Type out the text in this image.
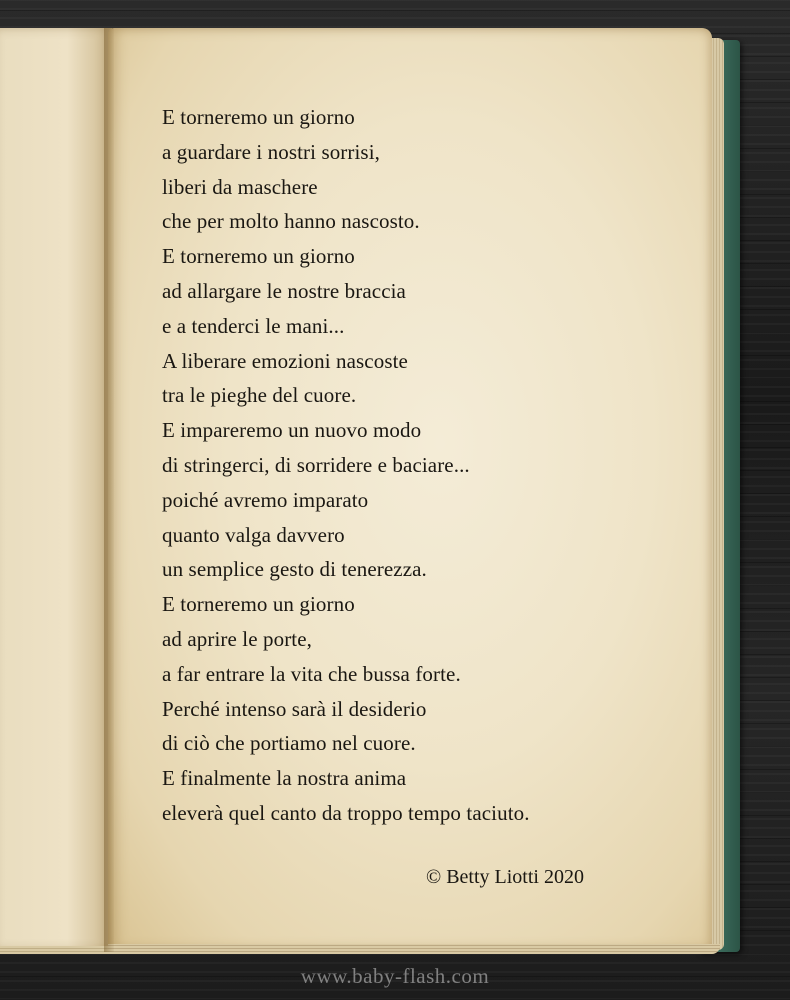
E torneremo un giorno
a guardare i nostri sorrisi,
liberi da maschere
che per molto hanno nascosto.
E torneremo un giorno
ad allargare le nostre braccia
e a tenderci le mani...
A liberare emozioni nascoste
tra le pieghe del cuore.
E impareremo un nuovo modo
di stringerci, di sorridere e baciare...
poiché avremo imparato
quanto valga davvero
un semplice gesto di tenerezza.
E torneremo un giorno
ad aprire le porte,
a far entrare la vita che bussa forte.
Perché intenso sarà il desiderio
di ciò che portiamo nel cuore.
E finalmente la nostra anima
eleverà quel canto da troppo tempo taciuto.
© Betty Liotti 2020
www.baby-flash.com
